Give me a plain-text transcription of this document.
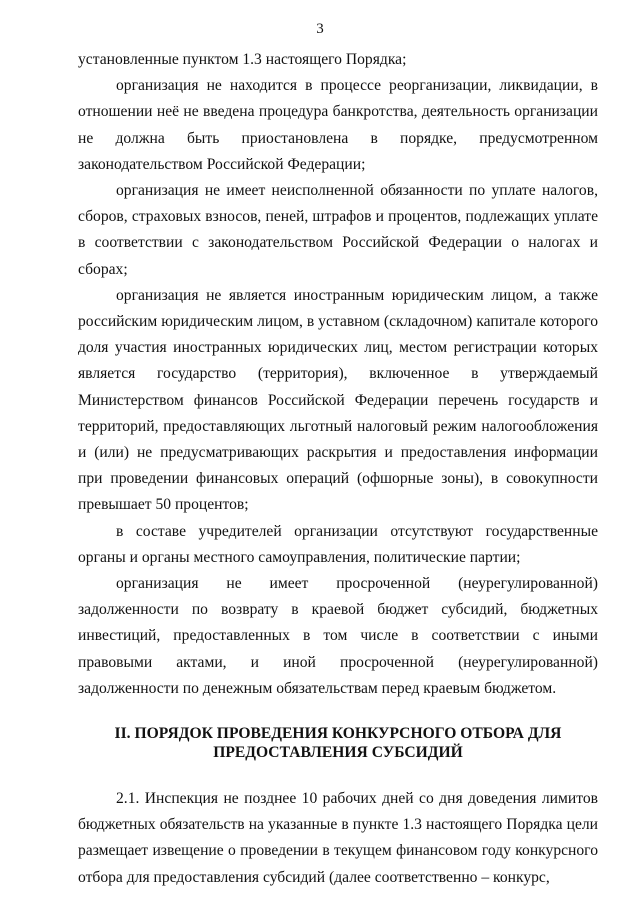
3

установленные пунктом 1.3 настоящего Порядка;

организация не находится в процессе реорганизации, ликвидации, в отношении неё не введена процедура банкротства, деятельность организации не должна быть приостановлена в порядке, предусмотренном законодательством Российской Федерации;

организация не имеет неисполненной обязанности по уплате налогов, сборов, страховых взносов, пеней, штрафов и процентов, подлежащих уплате в соответствии с законодательством Российской Федерации о налогах и сборах;

организация не является иностранным юридическим лицом, а также российским юридическим лицом, в уставном (складочном) капитале которого доля участия иностранных юридических лиц, местом регистрации которых является государство (территория), включенное в утверждаемый Министерством финансов Российской Федерации перечень государств и территорий, предоставляющих льготный налоговый режим налогообложения и (или) не предусматривающих раскрытия и предоставления информации при проведении финансовых операций (офшорные зоны), в совокупности превышает 50 процентов;

в составе учредителей организации отсутствуют государственные органы и органы местного самоуправления, политические партии;

организация не имеет просроченной (неурегулированной) задолженности по возврату в краевой бюджет субсидий, бюджетных инвестиций, предоставленных в том числе в соответствии с иными правовыми актами, и иной просроченной (неурегулированной) задолженности по денежным обязательствам перед краевым бюджетом.

II. ПОРЯДОК ПРОВЕДЕНИЯ КОНКУРСНОГО ОТБОРА ДЛЯ
ПРЕДОСТАВЛЕНИЯ СУБСИДИЙ

2.1. Инспекция не позднее 10 рабочих дней со дня доведения лимитов бюджетных обязательств на указанные в пункте 1.3 настоящего Порядка цели размещает извещение о проведении в текущем финансовом году конкурсного отбора для предоставления субсидий (далее соответственно – конкурс,
